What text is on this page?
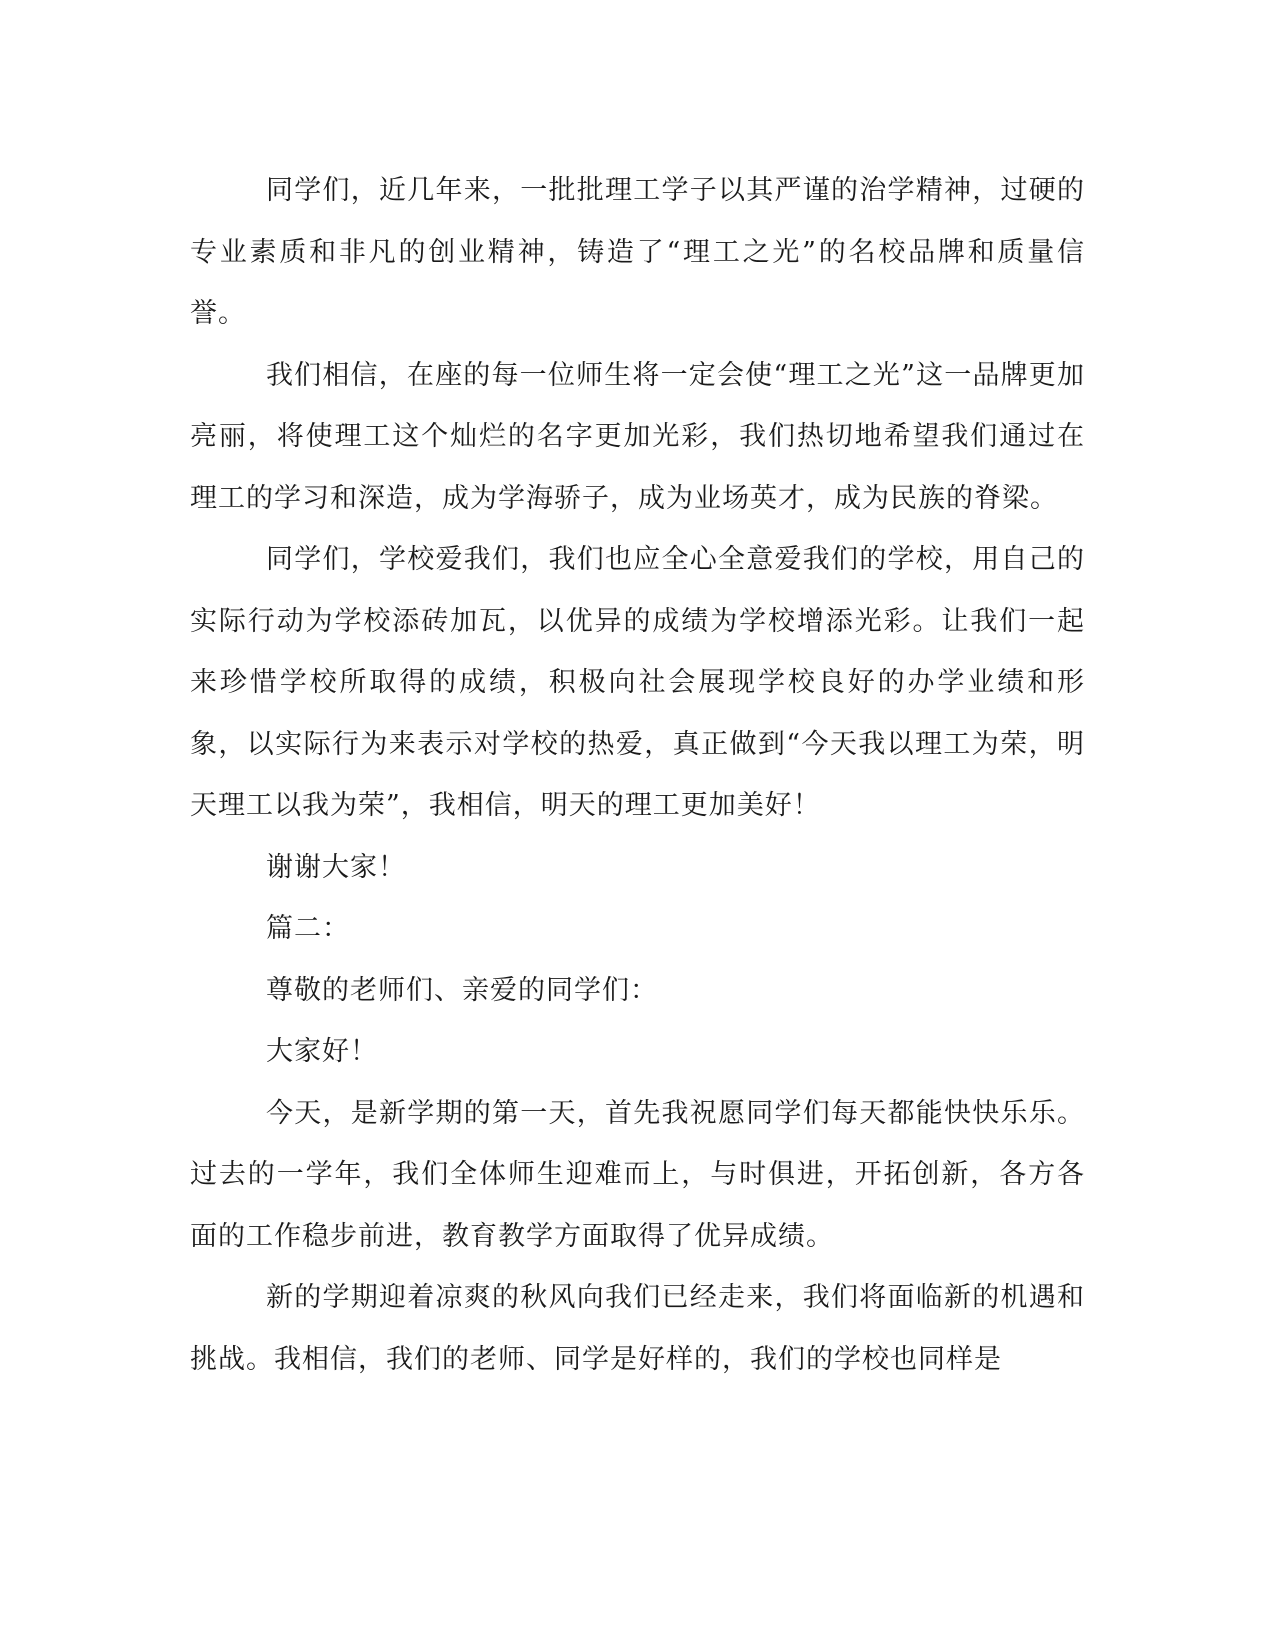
同学们，近几年来，一批批理工学子以其严谨的治学精神，过硬的专业素质和非凡的创业精神，铸造了“理工之光”的名校品牌和质量信誉。

我们相信，在座的每一位师生将一定会使“理工之光”这一品牌更加亮丽，将使理工这个灿烂的名字更加光彩，我们热切地希望我们通过在理工的学习和深造，成为学海骄子，成为业场英才，成为民族的脊梁。

同学们，学校爱我们，我们也应全心全意爱我们的学校，用自己的实际行动为学校添砖加瓦，以优异的成绩为学校增添光彩。让我们一起来珍惜学校所取得的成绩，积极向社会展现学校良好的办学业绩和形象，以实际行为来表示对学校的热爱，真正做到“今天我以理工为荣，明天理工以我为荣”，我相信，明天的理工更加美好！

谢谢大家！

篇二：

尊敬的老师们、亲爱的同学们：

大家好！

今天，是新学期的第一天，首先我祝愿同学们每天都能快快乐乐。过去的一学年，我们全体师生迎难而上，与时俱进，开拓创新，各方各面的工作稳步前进，教育教学方面取得了优异成绩。

新的学期迎着凉爽的秋风向我们已经走来，我们将面临新的机遇和挑战。我相信，我们的老师、同学是好样的，我们的学校也同样是
